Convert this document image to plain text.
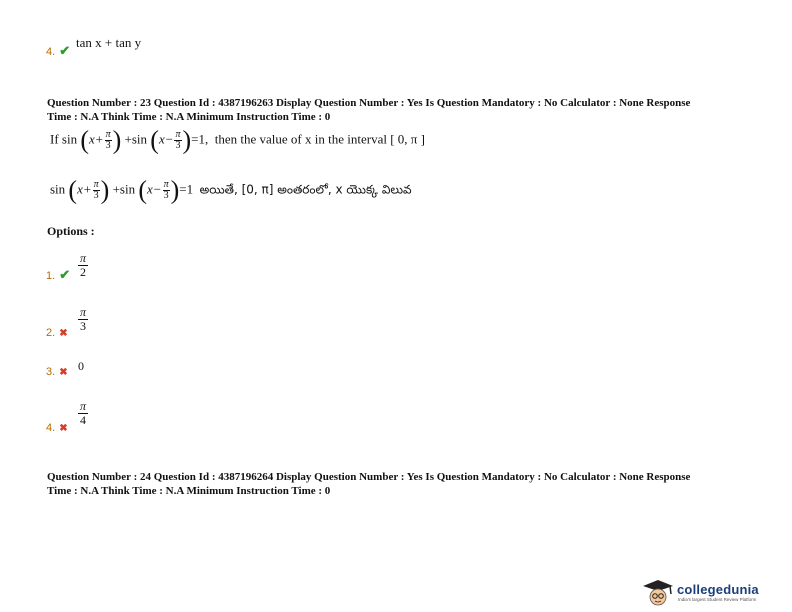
4. ✔
tan x + tan y
Question Number : 23 Question Id : 4387196263 Display Question Number : Yes Is Question Mandatory : No Calculator : None Response
Time : N.A Think Time : N.A Minimum Instruction Time : 0
If $\sin (x+ \frac{\pi}{3}$ ) +sin $(x- \frac{\pi}{3} )=1$, then the value of x in the interval [ 0, π ]
$\sin (x+ \frac{\pi}{3}$ ) +sin $(x- \frac{\pi}{3} )=1$ అయితే, [0, π] అంతరంలో, x యొక్క విలువ
Options :
1. ✔ $\frac{\pi}{2}$
2. ✖
$\frac{\pi}{3}$
3. ✖ 0
4. ✖
$\frac{\pi}{4}$
Question Number : 24 Question Id : 4387196264 Display Question Number : Yes Is Question Mandatory : No Calculator : None Response
Time : N.A Think Time : N.A Minimum Instruction Time : 0
collegedunia
India's largest Student Review Platform
